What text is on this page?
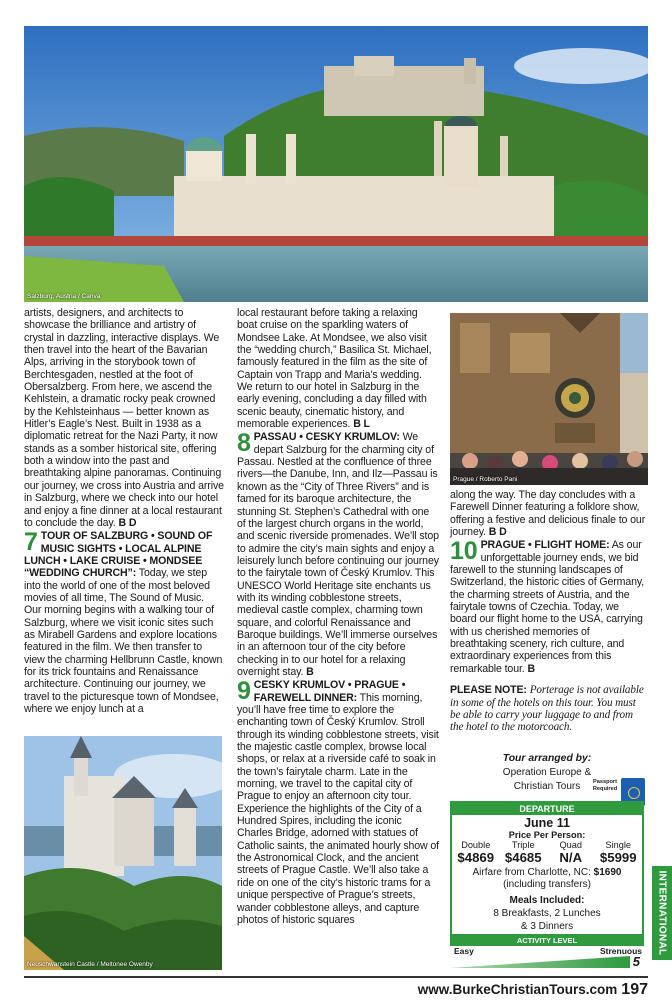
Salzburg, Austria / Canva
Prague / Roberto Pani
Neuschwanstein Castle / Meltonee Owenby

artists, designers, and architects to showcase the brilliance and artistry of crystal in dazzling, interactive displays. We then travel into the heart of the Bavarian Alps, arriving in the storybook town of Berchtesgaden, nestled at the foot of Obersalzberg. From here, we ascend the Kehlstein, a dramatic rocky peak crowned by the Kehlsteinhaus — better known as Hitler’s Eagle’s Nest. Built in 1938 as a diplomatic retreat for the Nazi Party, it now stands as a somber historical site, offering both a window into the past and breathtaking alpine panoramas. Continuing our journey, we cross into Austria and arrive in Salzburg, where we check into our hotel and enjoy a fine dinner at a local restaurant to conclude the day. B D

7 TOUR OF SALZBURG • SOUND OF MUSIC SIGHTS • LOCAL ALPINE LUNCH • LAKE CRUISE • MONDSEE “WEDDING CHURCH”: Today, we step into the world of one of the most beloved movies of all time, The Sound of Music. Our morning begins with a walking tour of Salzburg, where we visit iconic sites such as Mirabell Gardens and explore locations featured in the film. We then transfer to view the charming Hellbrunn Castle, known for its trick fountains and Renaissance architecture. Continuing our journey, we travel to the picturesque town of Mondsee, where we enjoy lunch at a

local restaurant before taking a relaxing boat cruise on the sparkling waters of Mondsee Lake. At Mondsee, we also visit the “wedding church,” Basilica St. Michael, famously featured in the film as the site of Captain von Trapp and Maria’s wedding. We return to our hotel in Salzburg in the early evening, concluding a day filled with scenic beauty, cinematic history, and memorable experiences. B L

8 PASSAU • CESKY KRUMLOV: We depart Salzburg for the charming city of Passau. Nestled at the confluence of three rivers—the Danube, Inn, and Ilz—Passau is known as the “City of Three Rivers” and is famed for its baroque architecture, the stunning St. Stephen’s Cathedral with one of the largest church organs in the world, and scenic riverside promenades. We’ll stop to admire the city’s main sights and enjoy a leisurely lunch before continuing our journey to the fairytale town of Český Krumlov. This UNESCO World Heritage site enchants us with its winding cobblestone streets, medieval castle complex, charming town square, and colorful Renaissance and Baroque buildings. We’ll immerse ourselves in an afternoon tour of the city before checking in to our hotel for a relaxing overnight stay. B
9 CESKY KRUMLOV • PRAGUE • FAREWELL DINNER: This morning, you’ll have free time to explore the enchanting town of Český Krumlov. Stroll through its winding cobblestone streets, visit the majestic castle complex, browse local shops, or relax at a riverside café to soak in the town’s fairytale charm. Late in the morning, we travel to the capital city of Prague to enjoy an afternoon city tour. Experience the highlights of the City of a Hundred Spires, including the iconic Charles Bridge, adorned with statues of Catholic saints, the animated hourly show of the Astronomical Clock, and the ancient streets of Prague Castle. We’ll also take a ride on one of the city’s historic trams for a unique perspective of Prague’s streets, wander cobblestone alleys, and capture photos of historic squares

along the way. The day concludes with a Farewell Dinner featuring a folklore show, offering a festive and delicious finale to our journey. B D

10 PRAGUE • FLIGHT HOME: As our unforgettable journey ends, we bid farewell to the stunning landscapes of Switzerland, the historic cities of Germany, the charming streets of Austria, and the fairytale towns of Czechia. Today, we board our flight home to the USA, carrying with us cherished memories of breathtaking scenery, rich culture, and extraordinary experiences from this remarkable tour. B

PLEASE NOTE: Porterage is not available in some of the hotels on this tour. You must be able to carry your luggage to and from the hotel to the motorcoach.

Tour arranged by:
Operation Europe &
Christian Tours	Passport
Required
DEPARTURE
June 11
Price Per Person:
Double	Triple	Quad	Single
$4869 $4685	N/A	$5999
Airfare from Charlotte, NC: $1690
(including transfers)
Meals Included:
8 Breakfasts, 2 Lunches
& 3 Dinners
ACTIVITY LEVEL
Easy	Strenuous
5
INTERNATIONAL
www.BurkeChristianTours.com 197
